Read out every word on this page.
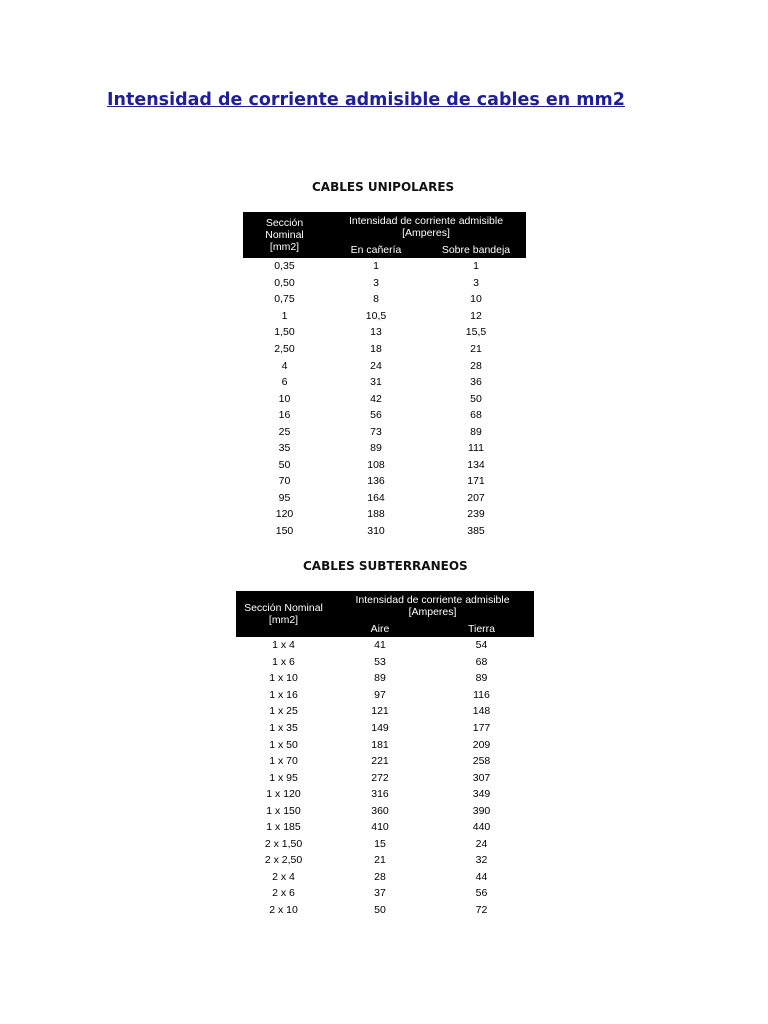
Intensidad de corriente admisible de cables en mm2
CABLES UNIPOLARES
Sección
Nominal
[mm2]	Intensidad de corriente admisible
[Amperes]	

	En cañería	Sobre bandeja
0,35	1	1
0,50	3	3
0,75	8	10
1	10,5	12
1,50	13	15,5
2,50	18	21
4	24	28
6	31	36
10	42	50
16	56	68
25	73	89
35	89	111
50	108	134
70	136	171
95	164	207
120	188	239
150	310	385
CABLES SUBTERRANEOS
Sección Nominal
[mm2]	Intensidad de corriente admisible
[Amperes]	

	Aire	Tierra
1 x 4	41	54
1 x 6	53	68
1 x 10	89	89
1 x 16	97	116
1 x 25	121	148
1 x 35	149	177
1 x 50	181	209
1 x 70	221	258
1 x 95	272	307
1 x 120	316	349
1 x 150	360	390
1 x 185	410	440
2 x 1,50	15	24
2 x 2,50	21	32
2 x 4	28	44
2 x 6	37	56
2 x 10	50	72
